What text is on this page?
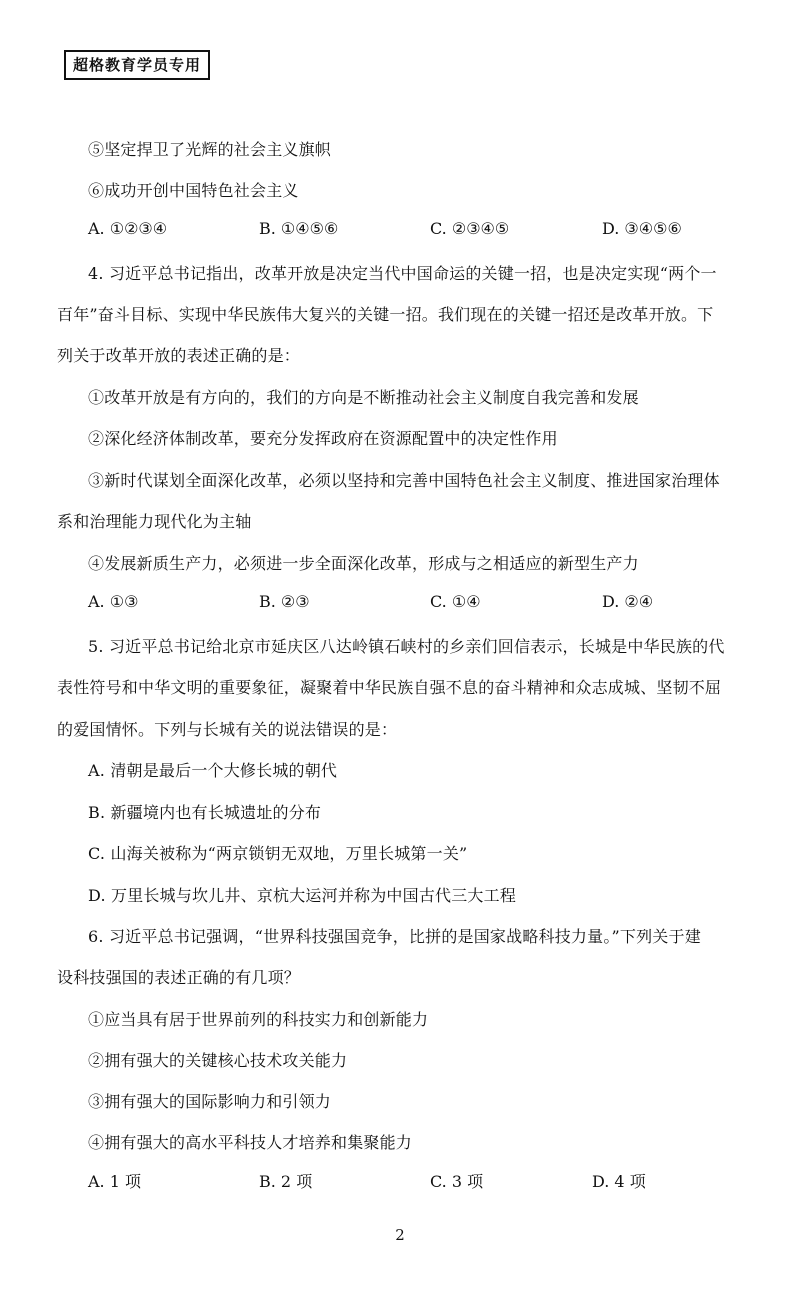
超格教育学员专用
⑤坚定捍卫了光辉的社会主义旗帜
⑥成功开创中国特色社会主义
A. ①②③④	B. ①④⑤⑥	C. ②③④⑤	D. ③④⑤⑥
4. 习近平总书记指出，改革开放是决定当代中国命运的关键一招，也是决定实现“两个一
百年”奋斗目标、实现中华民族伟大复兴的关键一招。我们现在的关键一招还是改革开放。下
列关于改革开放的表述正确的是：
①改革开放是有方向的，我们的方向是不断推动社会主义制度自我完善和发展
②深化经济体制改革，要充分发挥政府在资源配置中的决定性作用
③新时代谋划全面深化改革，必须以坚持和完善中国特色社会主义制度、推进国家治理体
系和治理能力现代化为主轴
④发展新质生产力，必须进一步全面深化改革，形成与之相适应的新型生产力
A. ①③	B. ②③	C. ①④	D. ②④
5. 习近平总书记给北京市延庆区八达岭镇石峡村的乡亲们回信表示，长城是中华民族的代
表性符号和中华文明的重要象征，凝聚着中华民族自强不息的奋斗精神和众志成城、坚韧不屈
的爱国情怀。下列与长城有关的说法错误的是：
A. 清朝是最后一个大修长城的朝代
B. 新疆境内也有长城遗址的分布
C. 山海关被称为“两京锁钥无双地，万里长城第一关”
D. 万里长城与坎儿井、京杭大运河并称为中国古代三大工程
6. 习近平总书记强调，“世界科技强国竞争，比拼的是国家战略科技力量。”下列关于建
设科技强国的表述正确的有几项？
①应当具有居于世界前列的科技实力和创新能力
②拥有强大的关键核心技术攻关能力
③拥有强大的国际影响力和引领力
④拥有强大的高水平科技人才培养和集聚能力
A. 1 项	B. 2 项	C. 3 项	D. 4 项
2
